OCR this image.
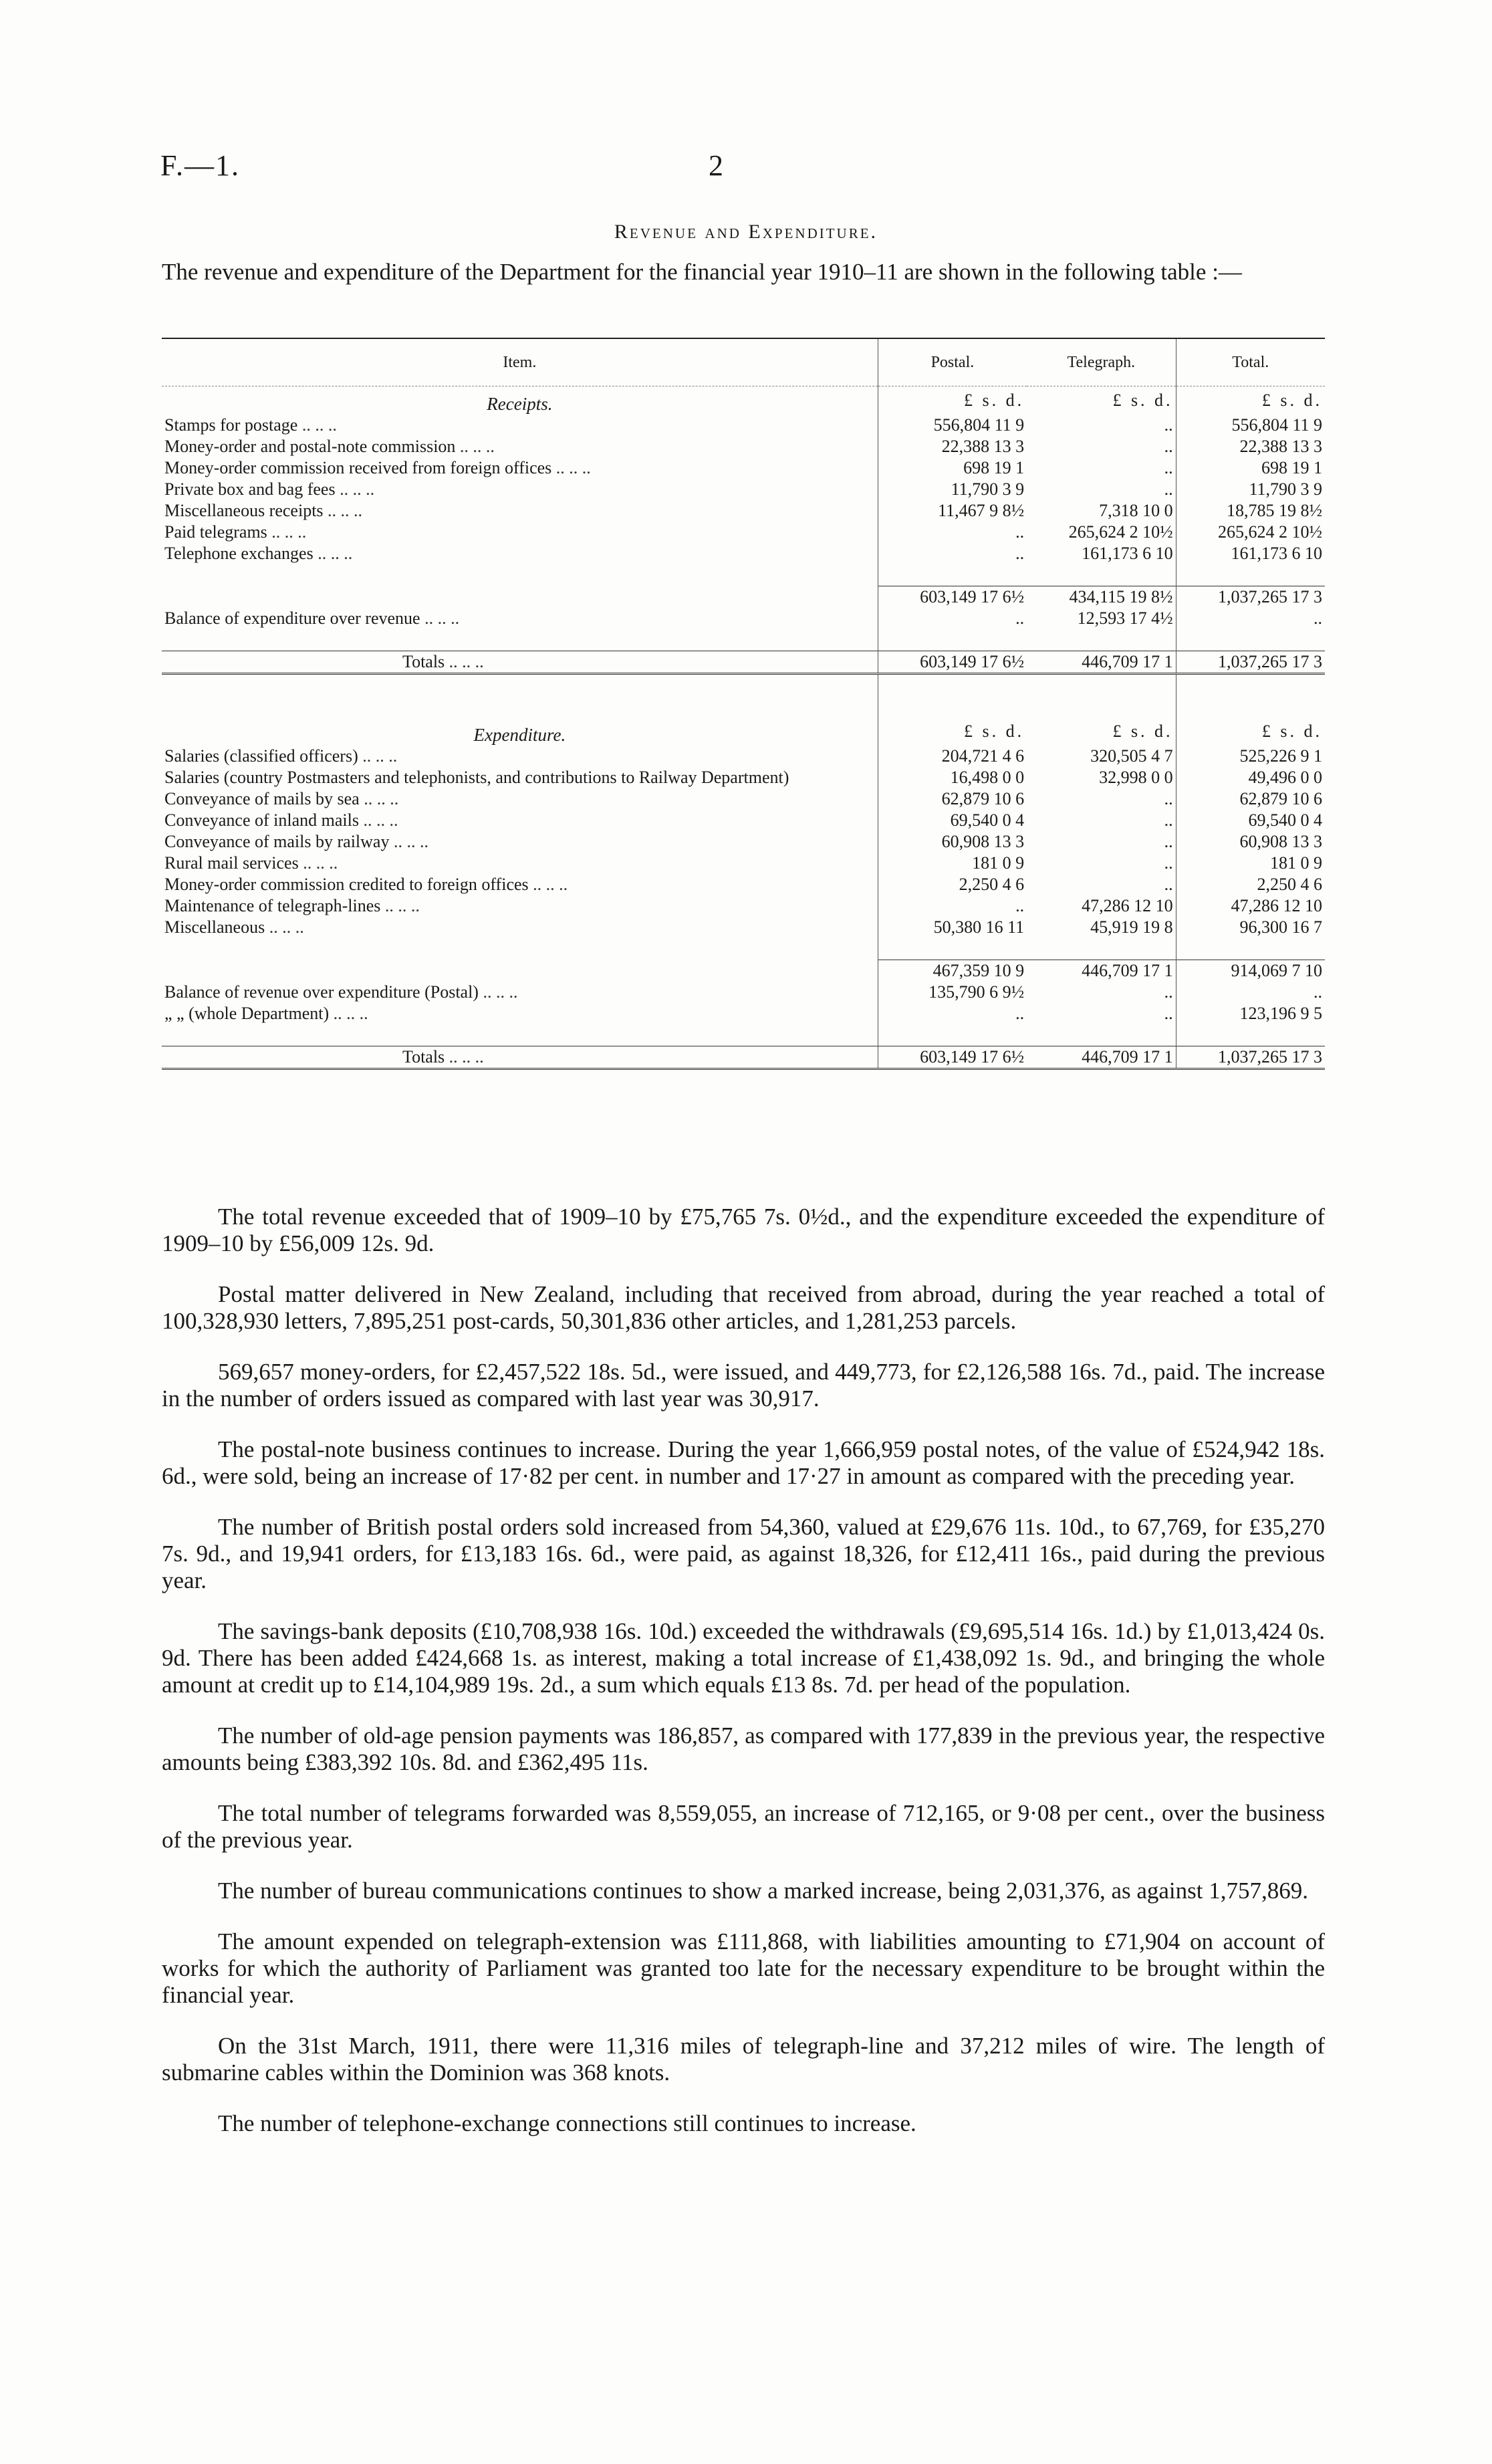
F.—1.	2
Revenue and Expenditure.
The revenue and expenditure of the Department for the financial year 1910–11 are shown in the following table :—
Item.	Postal.	Telegraph.	Total.
Receipts.	£ s. d.	£ s. d.	£ s. d.
Stamps for postage .. .. ..	556,804 11 9	..	556,804 11 9
Money-order and postal-note commission .. .. ..	22,388 13 3	..	22,388 13 3
Money-order commission received from foreign offices .. .. ..	698 19 1	..	698 19 1
Private box and bag fees .. .. ..	11,790 3 9	..	11,790 3 9
Miscellaneous receipts .. .. ..	11,467 9 8½	7,318 10 0	18,785 19 8½
Paid telegrams .. .. ..	..	265,624 2 10½	265,624 2 10½
Telephone exchanges .. .. ..	..	161,173 6 10	161,173 6 10

	603,149 17 6½	434,115 19 8½	1,037,265 17 3
Balance of expenditure over revenue .. .. ..	..	12,593 17 4½	..

Totals .. .. ..	603,149 17 6½	446,709 17 1	1,037,265 17 3

Expenditure.	£ s. d.	£ s. d.	£ s. d.
Salaries (classified officers) .. .. ..	204,721 4 6	320,505 4 7	525,226 9 1
Salaries (country Postmasters and telephonists, and contributions to Railway Department)	16,498 0 0	32,998 0 0	49,496 0 0
Conveyance of mails by sea .. .. ..	62,879 10 6	..	62,879 10 6
Conveyance of inland mails .. .. ..	69,540 0 4	..	69,540 0 4
Conveyance of mails by railway .. .. ..	60,908 13 3	..	60,908 13 3
Rural mail services .. .. ..	181 0 9	..	181 0 9
Money-order commission credited to foreign offices .. .. ..	2,250 4 6	..	2,250 4 6
Maintenance of telegraph-lines .. .. ..	..	47,286 12 10	47,286 12 10
Miscellaneous .. .. ..	50,380 16 11	45,919 19 8	96,300 16 7

	467,359 10 9	446,709 17 1	914,069 7 10
Balance of revenue over expenditure (Postal) .. .. ..	135,790 6 9½	..	..
„ „ (whole Department) .. .. ..	..	..	123,196 9 5

Totals .. .. ..	603,149 17 6½	446,709 17 1	1,037,265 17 3

The total revenue exceeded that of 1909–10 by £75,765 7s. 0½d., and the expenditure exceeded the expenditure of 1909–10 by £56,009 12s. 9d.

Postal matter delivered in New Zealand, including that received from abroad, during the year reached a total of 100,328,930 letters, 7,895,251 post-cards, 50,301,836 other articles, and 1,281,253 parcels.

569,657 money-orders, for £2,457,522 18s. 5d., were issued, and 449,773, for £2,126,588 16s. 7d., paid. The increase in the number of orders issued as compared with last year was 30,917.

The postal-note business continues to increase. During the year 1,666,959 postal notes, of the value of £524,942 18s. 6d., were sold, being an increase of 17·82 per cent. in number and 17·27 in amount as compared with the preceding year.

The number of British postal orders sold increased from 54,360, valued at £29,676 11s. 10d., to 67,769, for £35,270 7s. 9d., and 19,941 orders, for £13,183 16s. 6d., were paid, as against 18,326, for £12,411 16s., paid during the previous year.

The savings-bank deposits (£10,708,938 16s. 10d.) exceeded the withdrawals (£9,695,514 16s. 1d.) by £1,013,424 0s. 9d. There has been added £424,668 1s. as interest, making a total increase of £1,438,092 1s. 9d., and bringing the whole amount at credit up to £14,104,989 19s. 2d., a sum which equals £13 8s. 7d. per head of the population.

The number of old-age pension payments was 186,857, as compared with 177,839 in the previous year, the respective amounts being £383,392 10s. 8d. and £362,495 11s.

The total number of telegrams forwarded was 8,559,055, an increase of 712,165, or 9·08 per cent., over the business of the previous year.

The number of bureau communications continues to show a marked increase, being 2,031,376, as against 1,757,869.

The amount expended on telegraph-extension was £111,868, with liabilities amounting to £71,904 on account of works for which the authority of Parliament was granted too late for the necessary expenditure to be brought within the financial year.

On the 31st March, 1911, there were 11,316 miles of telegraph-line and 37,212 miles of wire. The length of submarine cables within the Dominion was 368 knots.

The number of telephone-exchange connections still continues to increase.
